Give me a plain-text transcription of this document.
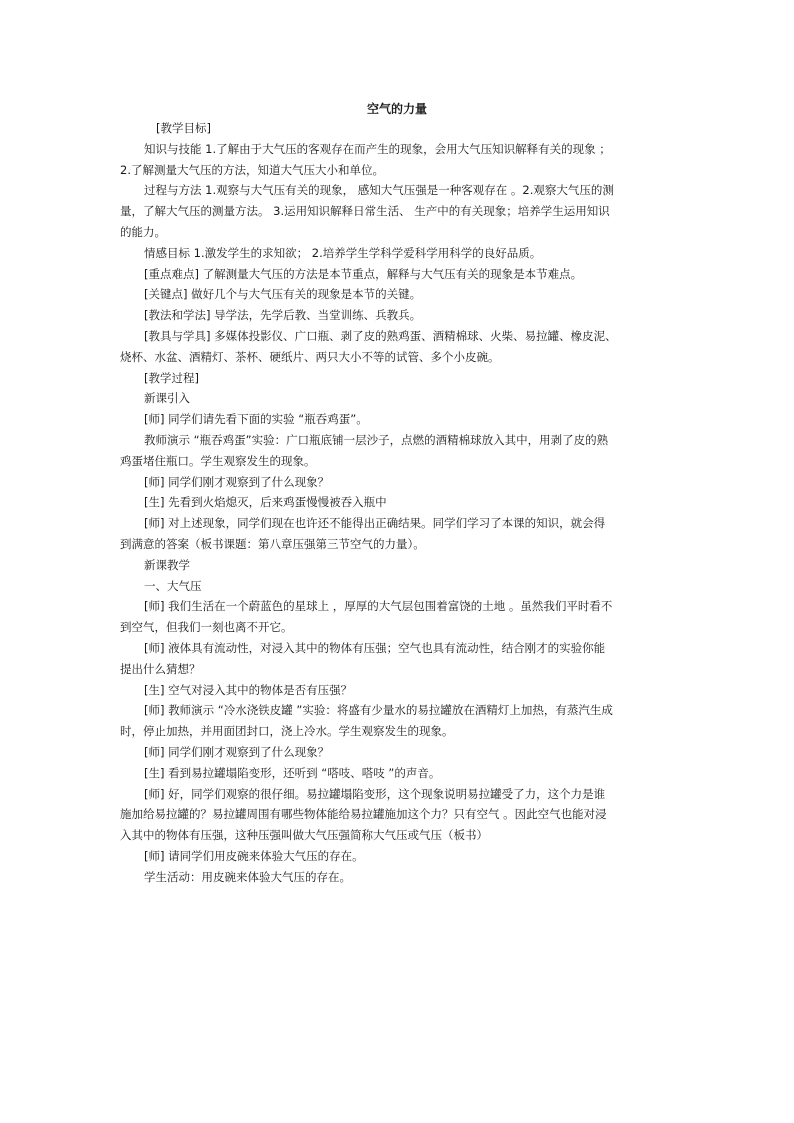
空气的力量
[教学目标]
知识与技能 1.了解由于大气压的客观存在而产生的现象，会用大气压知识解释有关的现象 ；
2.了解测量大气压的方法，知道大气压大小和单位。
过程与方法 1.观察与大气压有关的现象， 感知大气压强是一种客观存在 。2.观察大气压的测
量，了解大气压的测量方法。 3.运用知识解释日常生活、 生产中的有关现象；培养学生运用知识
的能力。
情感目标 1.激发学生的求知欲； 2.培养学生学科学爱科学用科学的良好品质。
[重点难点] 了解测量大气压的方法是本节重点，解释与大气压有关的现象是本节难点。
[关键点] 做好几个与大气压有关的现象是本节的关键。
[教法和学法] 导学法，先学后教、当堂训练、兵教兵。
[教具与学具] 多媒体投影仪、广口瓶、剥了皮的熟鸡蛋、酒精棉球、火柴、易拉罐、橡皮泥、
烧杯、水盆、酒精灯、茶杯、硬纸片、两只大小不等的试管、多个小皮碗。
[教学过程]
新课引入
[师] 同学们请先看下面的实验 “瓶吞鸡蛋”。
教师演示 “瓶吞鸡蛋”实验：广口瓶底铺一层沙子，点燃的酒精棉球放入其中，用剥了皮的熟
鸡蛋堵住瓶口。学生观察发生的现象。
[师] 同学们刚才观察到了什么现象？
[生] 先看到火焰熄灭，后来鸡蛋慢慢被吞入瓶中
[师] 对上述现象，同学们现在也许还不能得出正确结果。同学们学习了本课的知识，就会得
到满意的答案（板书课题：第八章压强第三节空气的力量）。
新课教学
一、大气压
[师] 我们生活在一个蔚蓝色的星球上 ，厚厚的大气层包围着富饶的土地 。虽然我们平时看不
到空气，但我们一刻也离不开它。
[师] 液体具有流动性，对浸入其中的物体有压强；空气也具有流动性，结合刚才的实验你能
提出什么猜想？
[生] 空气对浸入其中的物体是否有压强？
[师] 教师演示 “冷水浇铁皮罐 ”实验：将盛有少量水的易拉罐放在酒精灯上加热，有蒸汽生成
时，停止加热，并用面团封口，浇上冷水。学生观察发生的现象。
[师] 同学们刚才观察到了什么现象？
[生] 看到易拉罐塌陷变形，还听到 “嗒吱、嗒吱 ”的声音。
[师] 好，同学们观察的很仔细。易拉罐塌陷变形，这个现象说明易拉罐受了力，这个力是谁
施加给易拉罐的？易拉罐周围有哪些物体能给易拉罐施加这个力？只有空气 。因此空气也能对浸
入其中的物体有压强，这种压强叫做大气压强简称大气压或气压（板书）
[师] 请同学们用皮碗来体验大气压的存在。
学生活动：用皮碗来体验大气压的存在。
